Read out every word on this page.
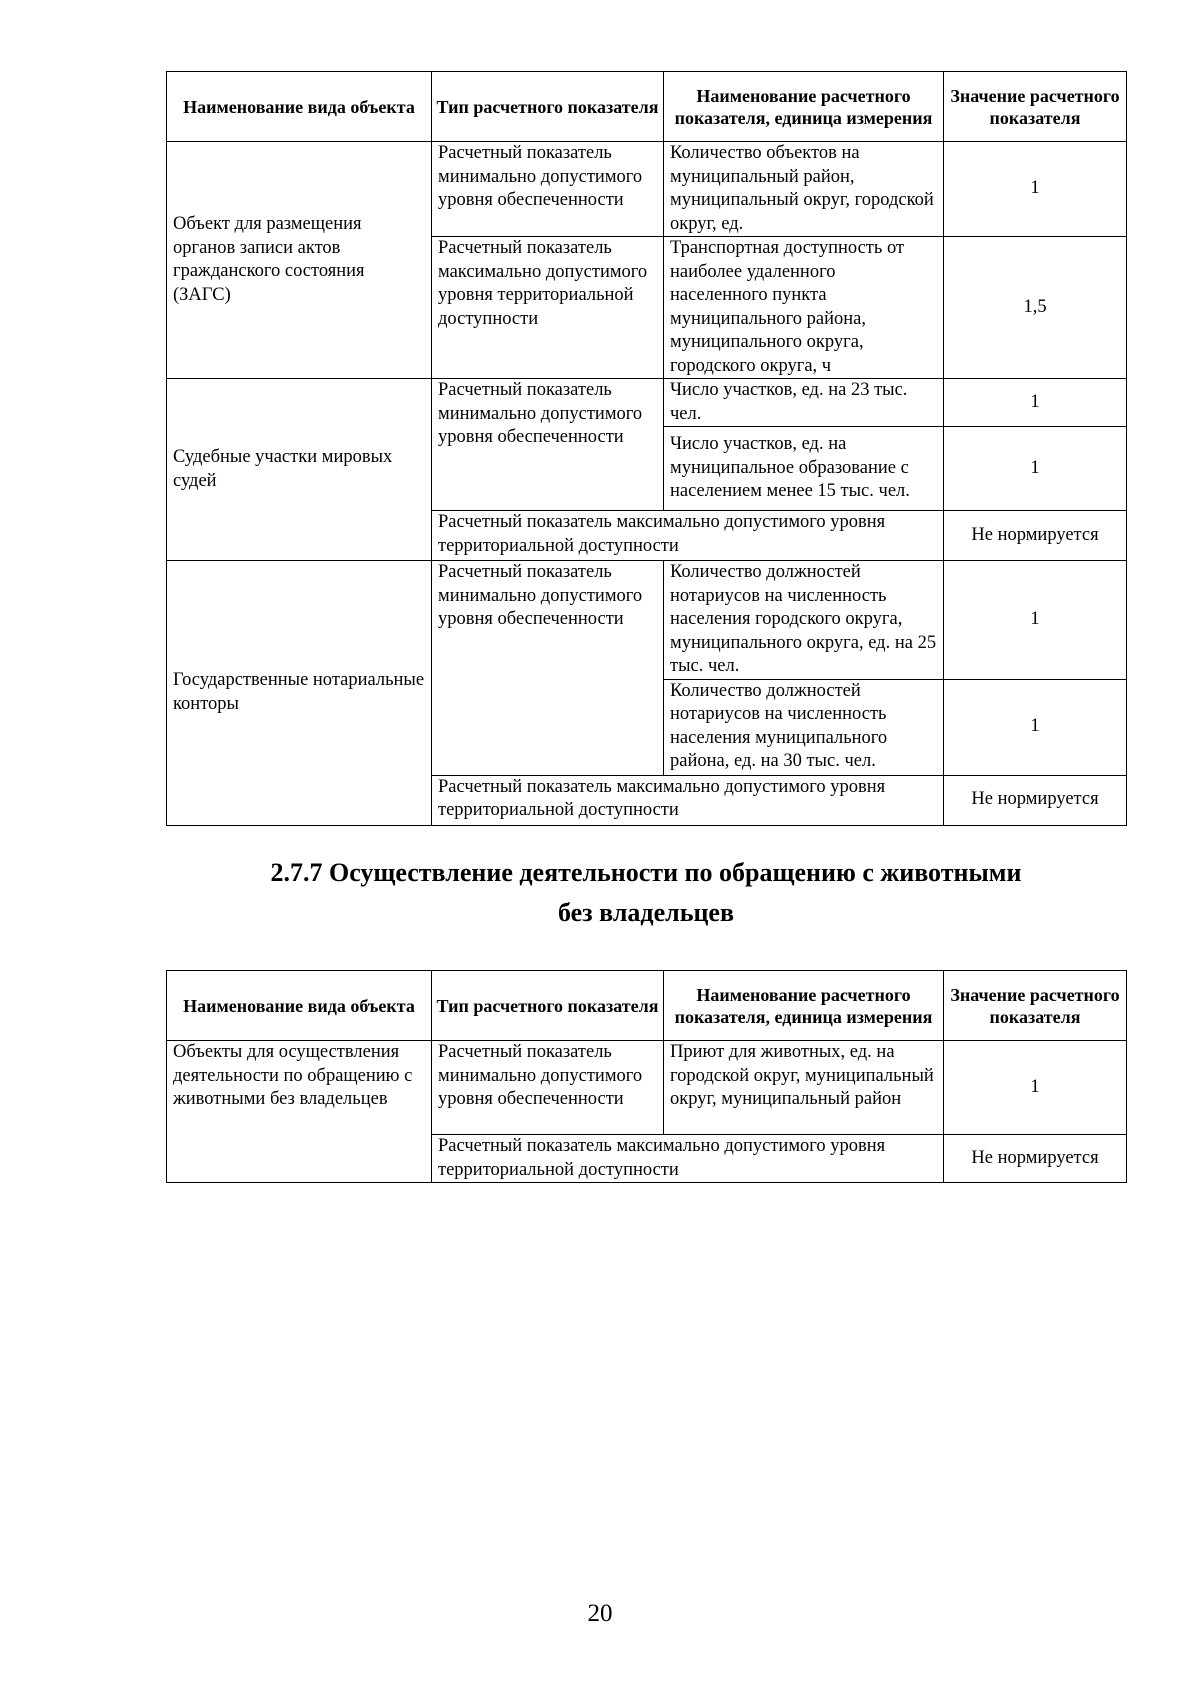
Наименование вида объекта	Тип расчетного показателя	Наименование расчетного показателя, единица измерения	Значение расчетного показателя
Объект для размещения органов записи актов гражданского состояния (ЗАГС)	Расчетный показатель минимально допустимого уровня обеспеченности	Количество объектов на муниципальный район, муниципальный округ, городской округ, ед.	1
	Расчетный показатель максимально допустимого уровня территориальной доступности	Транспортная доступность от наиболее удаленного населенного пункта муниципального района, муниципального округа, городского округа, ч	1,5
Судебные участки мировых судей	Расчетный показатель минимально допустимого уровня обеспеченности	Число участков, ед. на 23 тыс. чел.	1
		Число участков, ед. на муниципальное образование с населением менее 15 тыс. чел.	1
	Расчетный показатель максимально допустимого уровня территориальной доступности		Не нормируется
Государственные нотариальные конторы	Расчетный показатель минимально допустимого уровня обеспеченности	Количество должностей нотариусов на численность населения городского округа, муниципального округа, ед. на 25 тыс. чел.	1
		Количество должностей нотариусов на численность населения муниципального района, ед. на 30 тыс. чел.	1
	Расчетный показатель максимально допустимого уровня территориальной доступности		Не нормируется
2.7.7 Осуществление деятельности по обращению с животными
без владельцев
Наименование вида объекта	Тип расчетного показателя	Наименование расчетного показателя, единица измерения	Значение расчетного показателя
Объекты для осуществления деятельности по обращению с животными без владельцев	Расчетный показатель минимально допустимого уровня обеспеченности	Приют для животных, ед. на городской округ, муниципальный округ, муниципальный район	1
	Расчетный показатель максимально допустимого уровня территориальной доступности		Не нормируется
20
